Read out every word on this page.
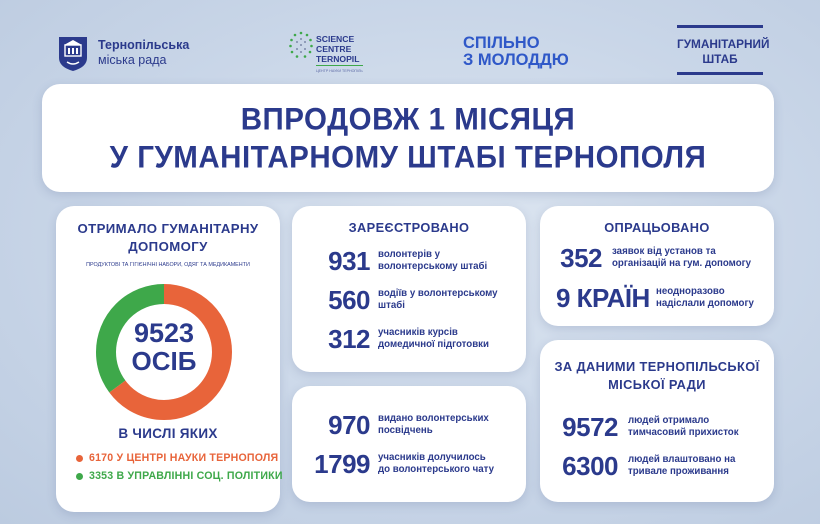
Тернопільська
міська рада
SCIENCE
CENTRE
TERNOPIL
ЦЕНТР НАУКИ ТЕРНОПІЛЬ
СПІЛЬНО
З МОЛОДДЮ
ГУМАНІТАРНИЙ
ШТАБ
ВПРОДОВЖ 1 МІСЯЦЯ
У ГУМАНІТАРНОМУ ШТАБІ ТЕРНОПОЛЯ
ОТРИМАЛО ГУМАНІТАРНУ
ДОПОМОГУ
ПРОДУКТОВІ ТА ГІГІЄНІЧНІ НАБОРИ, ОДЯГ ТА МЕДИКАМЕНТИ
9523
ОСІБ
В ЧИСЛІ ЯКИХ
6170 У ЦЕНТРІ НАУКИ ТЕРНОПОЛЯ
3353 В УПРАВЛІННІ СОЦ. ПОЛІТИКИ
ЗАРЕЄСТРОВАНО
931 волонтерів у
волонтерському штабі
560 водіїв у волонтерському
штабі
312 учасників курсів
домедичної підготовки
ОПРАЦЬОВАНО
352 заявок від установ та
організацій на гум. допомогу
9 КРАЇН неодноразово
надіслали допомогу
970 видано волонтерських
посвідчень
1799 учасників долучилось
до волонтерського чату
ЗА ДАНИМИ ТЕРНОПІЛЬСЬКОЇ
МІСЬКОЇ РАДИ
9572 людей отримало
тимчасовий прихисток
6300 людей влаштовано на
тривале проживання
